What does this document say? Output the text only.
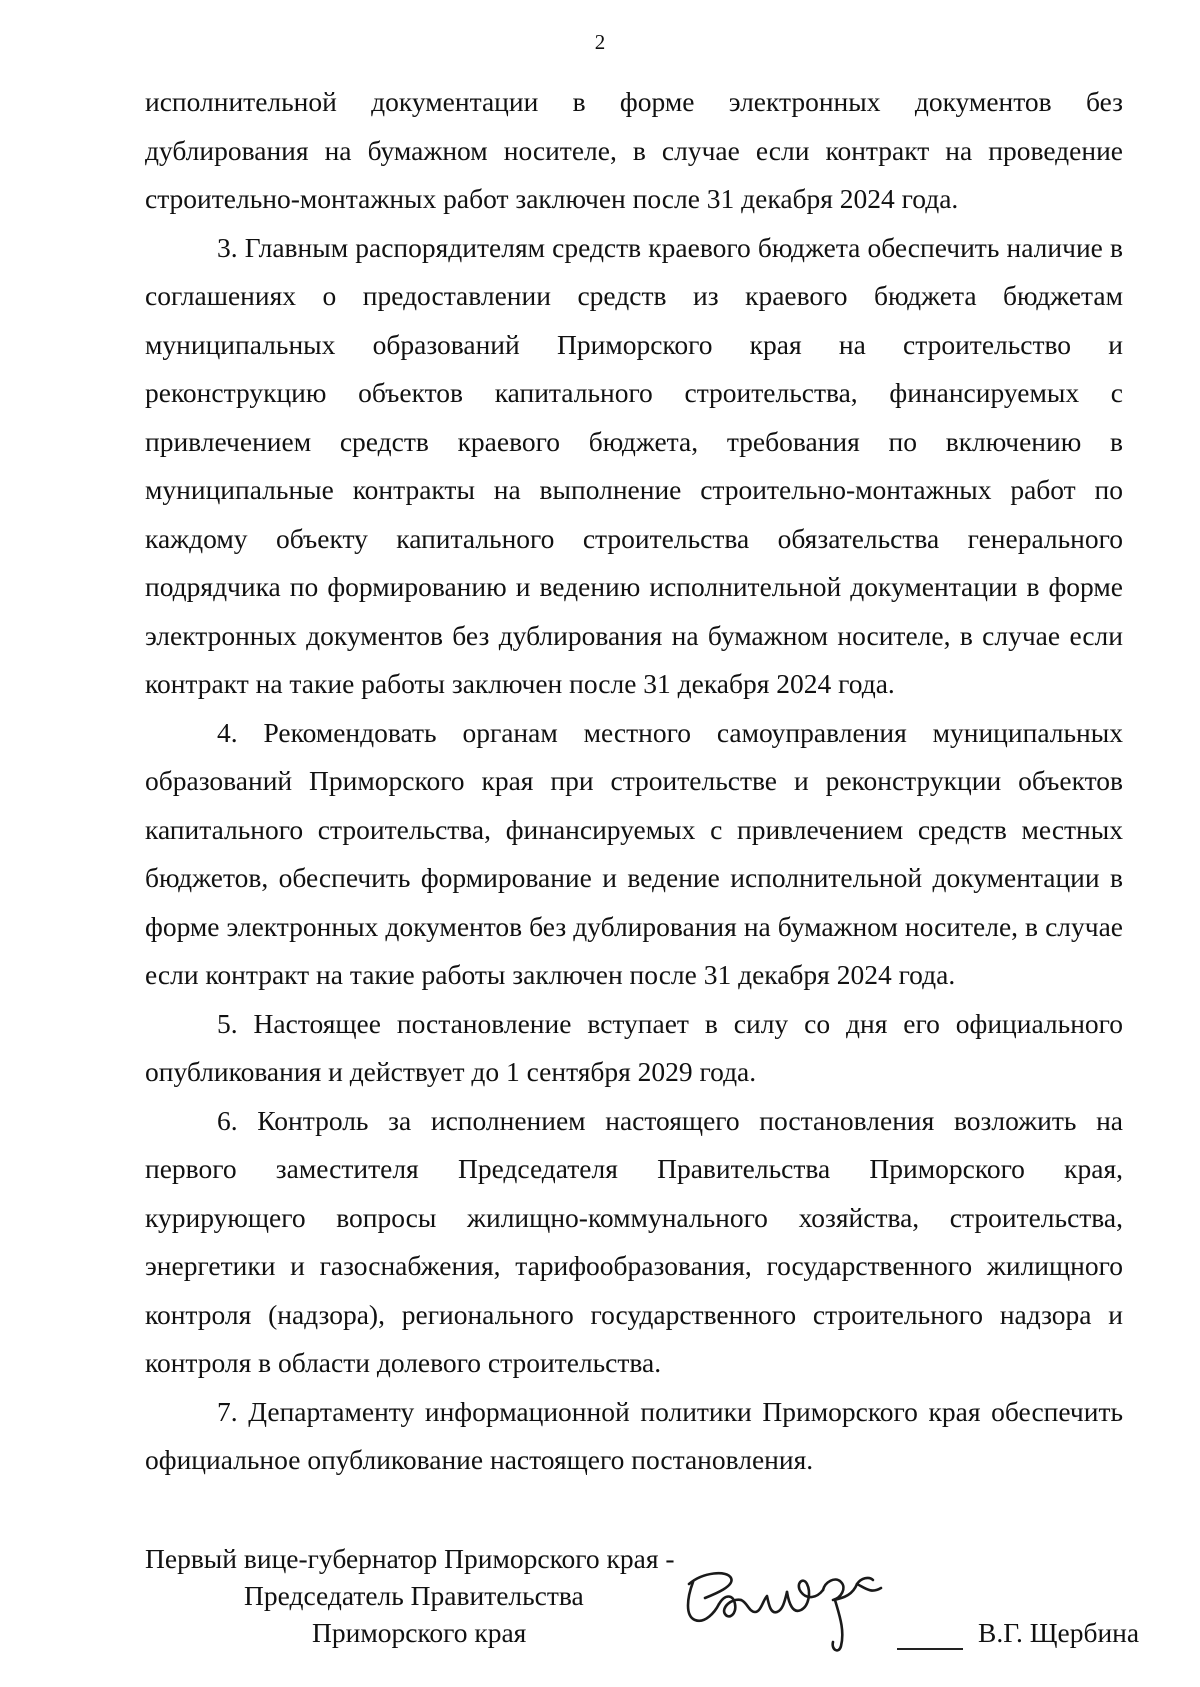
2

исполнительной документации в форме электронных документов без дублирования на бумажном носителе, в случае если контракт на проведение строительно-монтажных работ заключен после 31 декабря 2024 года.

3. Главным распорядителям средств краевого бюджета обеспечить наличие в соглашениях о предоставлении средств из краевого бюджета бюджетам муниципальных образований Приморского края на строительство и реконструкцию объектов капитального строительства, финансируемых с привлечением средств краевого бюджета, требования по включению в муниципальные контракты на выполнение строительно-монтажных работ по каждому объекту капитального строительства обязательства генерального подрядчика по формированию и ведению исполнительной документации в форме электронных документов без дублирования на бумажном носителе, в случае если контракт на такие работы заключен после 31 декабря 2024 года.

4. Рекомендовать органам местного самоуправления муниципальных образований Приморского края при строительстве и реконструкции объектов капитального строительства, финансируемых с привлечением средств местных бюджетов, обеспечить формирование и ведение исполнительной документации в форме электронных документов без дублирования на бумажном носителе, в случае если контракт на такие работы заключен после 31 декабря 2024 года.

5. Настоящее постановление вступает в силу со дня его официального опубликования и действует до 1 сентября 2029 года.

6. Контроль за исполнением настоящего постановления возложить на первого заместителя Председателя Правительства Приморского края, курирующего вопросы жилищно-коммунального хозяйства, строительства, энергетики и газоснабжения, тарифообразования, государственного жилищного контроля (надзора), регионального государственного строительного надзора и контроля в области долевого строительства.

7. Департаменту информационной политики Приморского края обеспечить официальное опубликование настоящего постановления.

Первый вице-губернатор Приморского края -
Председатель Правительства
Приморского края	В.Г. Щербина
